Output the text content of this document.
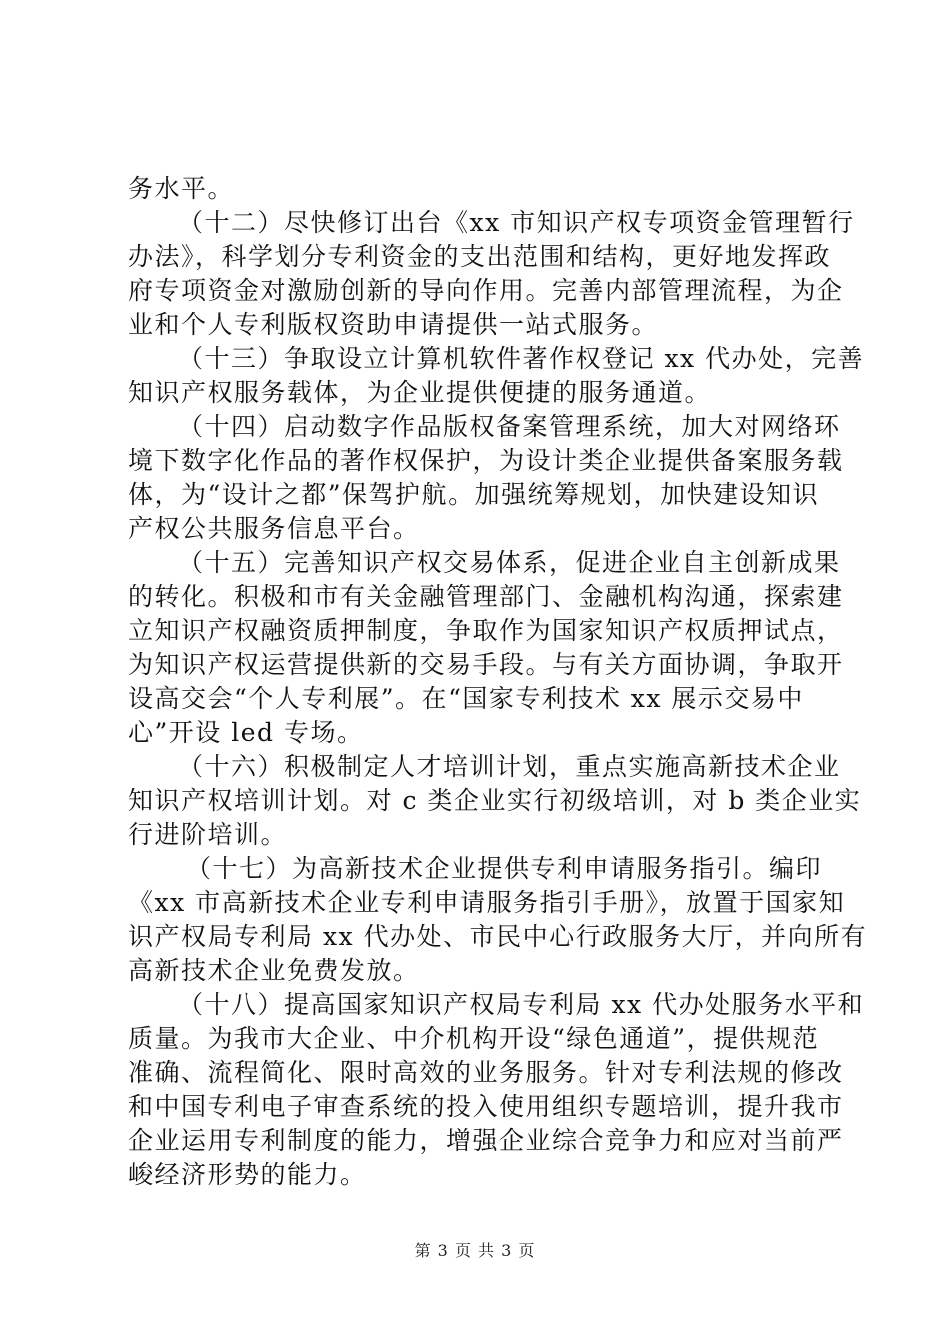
务水平。
（十二）尽快修订出台《xx 市知识产权专项资金管理暂行
办法》，科学划分专利资金的支出范围和结构，更好地发挥政
府专项资金对激励创新的导向作用。完善内部管理流程，为企
业和个人专利版权资助申请提供一站式服务。
（十三）争取设立计算机软件著作权登记 xx 代办处，完善
知识产权服务载体，为企业提供便捷的服务通道。
（十四）启动数字作品版权备案管理系统，加大对网络环
境下数字化作品的著作权保护，为设计类企业提供备案服务载
体，为“设计之都”保驾护航。加强统筹规划，加快建设知识
产权公共服务信息平台。
（十五）完善知识产权交易体系，促进企业自主创新成果
的转化。积极和市有关金融管理部门、金融机构沟通，探索建
立知识产权融资质押制度，争取作为国家知识产权质押试点，
为知识产权运营提供新的交易手段。与有关方面协调，争取开
设高交会“个人专利展”。在“国家专利技术 xx 展示交易中
心”开设 led 专场。
（十六）积极制定人才培训计划，重点实施高新技术企业
知识产权培训计划。对 c 类企业实行初级培训，对 b 类企业实
行进阶培训。
（十七）为高新技术企业提供专利申请服务指引。编印
《xx 市高新技术企业专利申请服务指引手册》，放置于国家知
识产权局专利局 xx 代办处、市民中心行政服务大厅，并向所有
高新技术企业免费发放。
（十八）提高国家知识产权局专利局 xx 代办处服务水平和
质量。为我市大企业、中介机构开设“绿色通道”，提供规范
准确、流程简化、限时高效的业务服务。针对专利法规的修改
和中国专利电子审查系统的投入使用组织专题培训，提升我市
企业运用专利制度的能力，增强企业综合竞争力和应对当前严
峻经济形势的能力。
第 3 页 共 3 页
